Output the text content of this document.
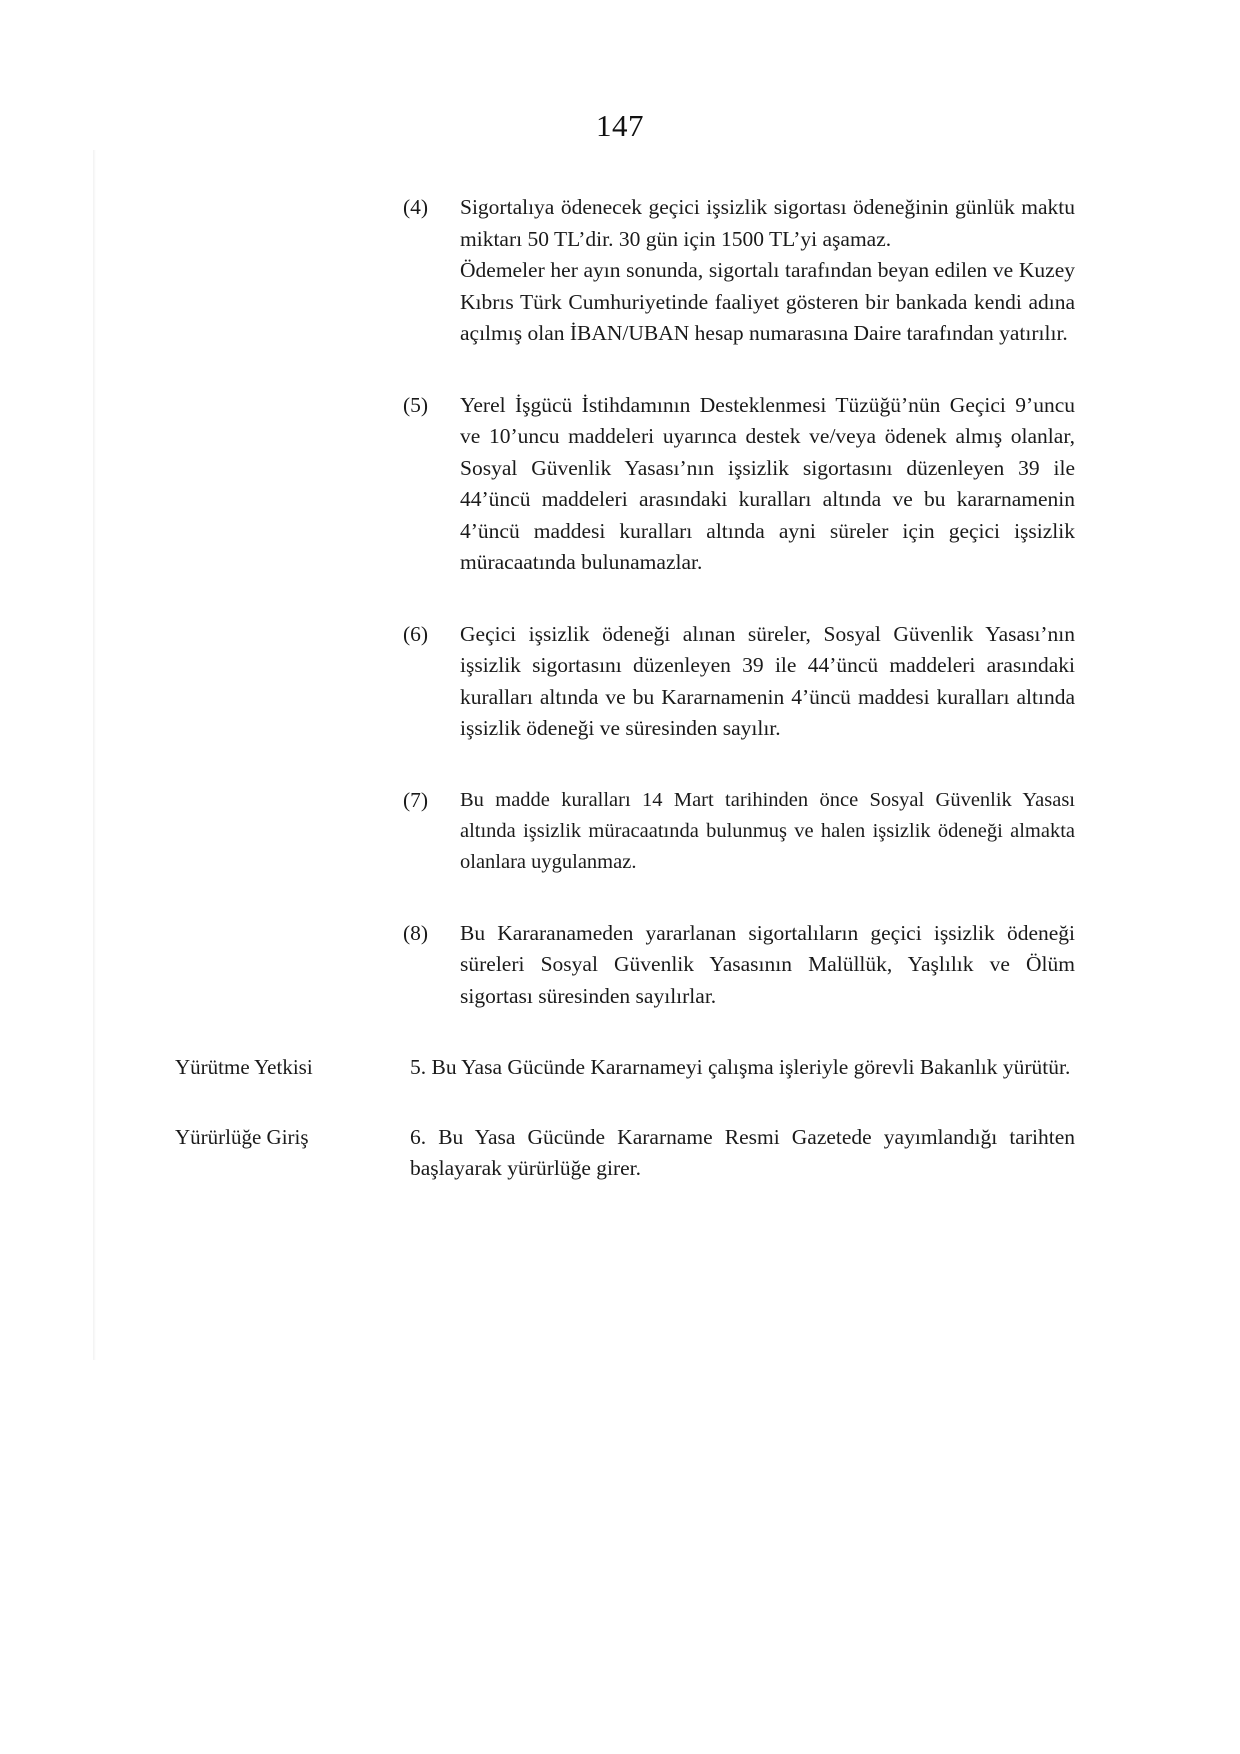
147
(4)	Sigortalıya ödenecek geçici işsizlik sigortası ödeneğinin günlük maktu miktarı 50 TL’dir. 30 gün için 1500 TL’yi aşamaz.

Ödemeler her ayın sonunda, sigortalı tarafından beyan edilen ve Kuzey Kıbrıs Türk Cumhuriyetinde faaliyet gösteren bir bankada kendi adına açılmış olan İBAN/UBAN hesap numarasına Daire tarafından yatırılır.

(5)	Yerel İşgücü İstihdamının Desteklenmesi Tüzüğü’nün Geçici 9’uncu ve 10’uncu maddeleri uyarınca destek ve/veya ödenek almış olanlar, Sosyal Güvenlik Yasası’nın işsizlik sigortasını düzenleyen 39 ile 44’üncü maddeleri arasındaki kuralları altında ve bu kararnamenin 4’üncü maddesi kuralları altında ayni süreler için geçici işsizlik müracaatında bulunamazlar.

(6)	Geçici işsizlik ödeneği alınan süreler, Sosyal Güvenlik Yasası’nın işsizlik sigortasını düzenleyen 39 ile 44’üncü maddeleri arasındaki kuralları altında ve bu Kararnamenin 4’üncü maddesi kuralları altında işsizlik ödeneği ve süresinden sayılır.

(7)	Bu madde kuralları 14 Mart tarihinden önce Sosyal Güvenlik Yasası altında işsizlik müracaatında bulunmuş ve halen işsizlik ödeneği almakta olanlara uygulanmaz.

(8)	Bu Kararanameden yararlanan sigortalıların geçici işsizlik ödeneği süreleri Sosyal Güvenlik Yasasının Malüllük, Yaşlılık ve Ölüm sigortası süresinden sayılırlar.

Yürütme Yetkisi	5. Bu Yasa Gücünde Kararnameyi çalışma işleriyle görevli Bakanlık yürütür.

Yürürlüğe Giriş	6. Bu Yasa Gücünde Kararname Resmi Gazetede yayımlandığı tarihten başlayarak yürürlüğe girer.
